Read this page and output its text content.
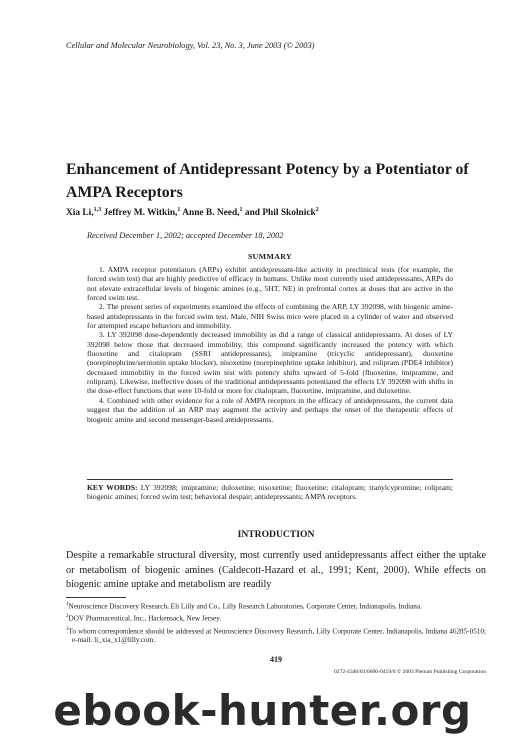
Cellular and Molecular Neurobiology, Vol. 23, No. 3, June 2003 (© 2003)
Enhancement of Antidepressant Potency by a Potentiator of AMPA Receptors
Xia Li,$^{1,3}$ Jeffrey M. Witkin,$^1$ Anne B. Need,$^1$ and Phil Skolnick$^2$
Received December 1, 2002; accepted December 18, 2002
SUMMARY

1. AMPA receptor potentiators (ARPs) exhibit antidepressant-like activity in preclinical tests (for example, the forced swim test) that are highly predictive of efficacy in humans. Unlike most currently used antidepressants, ARPs do not elevate extracellular levels of biogenic amines (e.g., 5HT, NE) in prefrontal cortex at doses that are active in the forced swim test.

2. The present series of experiments examined the effects of combining the ARP, LY 392098, with biogenic amine-based antidepressants in the forced swim test. Male, NIH Swiss mice were placed in a cylinder of water and observed for attempted escape behaviors and immobility.

3. LY 392098 dose-dependently decreased immobility as did a range of classical antidepressants. At doses of LY 392098 below those that decreased immobility, this compound significantly increased the potency with which fluoxetine and citalopram (SSRI antidepressants), imipramine (tricyclic antidepressant), duoxetine (norepinephrine/serotonin uptake blocker), nisoxetine (norepinephrine uptake inhibitor), and rolipram (PDE4 inhibitor) decreased immobility in the forced swim test with potency shifts upward of 5-fold (fluoxetine, imipramine, and rolipram). Likewise, ineffective doses of the traditional antidepressants potentiated the effects LY 392098 with shifts in the dose-effect functions that were 10-fold or more for citalopram, fluoxetine, imipramine, and duloxetine.

4. Combined with other evidence for a role of AMPA receptors in the efficacy of antidepressants, the current data suggest that the addition of an ARP may augment the activity and perhaps the onset of the therapeutic effects of biogenic amine and second messenger-based antidepressants.

KEY WORDS: LY 392098; imipramine; duloxetine; nisoxetine; fluoxetine; citalopram; tranylcypromine; rolipram; biogenic amines; forced swim test; behavioral despair; antidepressants; AMPA receptors.
INTRODUCTION

Despite a remarkable structural diversity, most currently used antidepressants affect either the uptake or metabolism of biogenic amines (Caldecott-Hazard et al., 1991; Kent, 2000). While effects on biogenic amine uptake and metabolism are readily

$^1$Neuroscience Discovery Research, Eli Lilly and Co., Lilly Research Laboratories, Corporate Center, Indianapolis, Indiana.

$^2$DOV Pharmaceutical, Inc., Hackensack, New Jersey.

$^3$To whom correspondence should be addressed at Neuroscience Discovery Research, Lilly Corporate Center, Indianapolis, Indiana 46285-0510; e-mail: li_xia_x1@lilly.com.

419
0272-4340/03/0600-0419/0 © 2003 Plenum Publishing Corporation
ebook-hunter.org
